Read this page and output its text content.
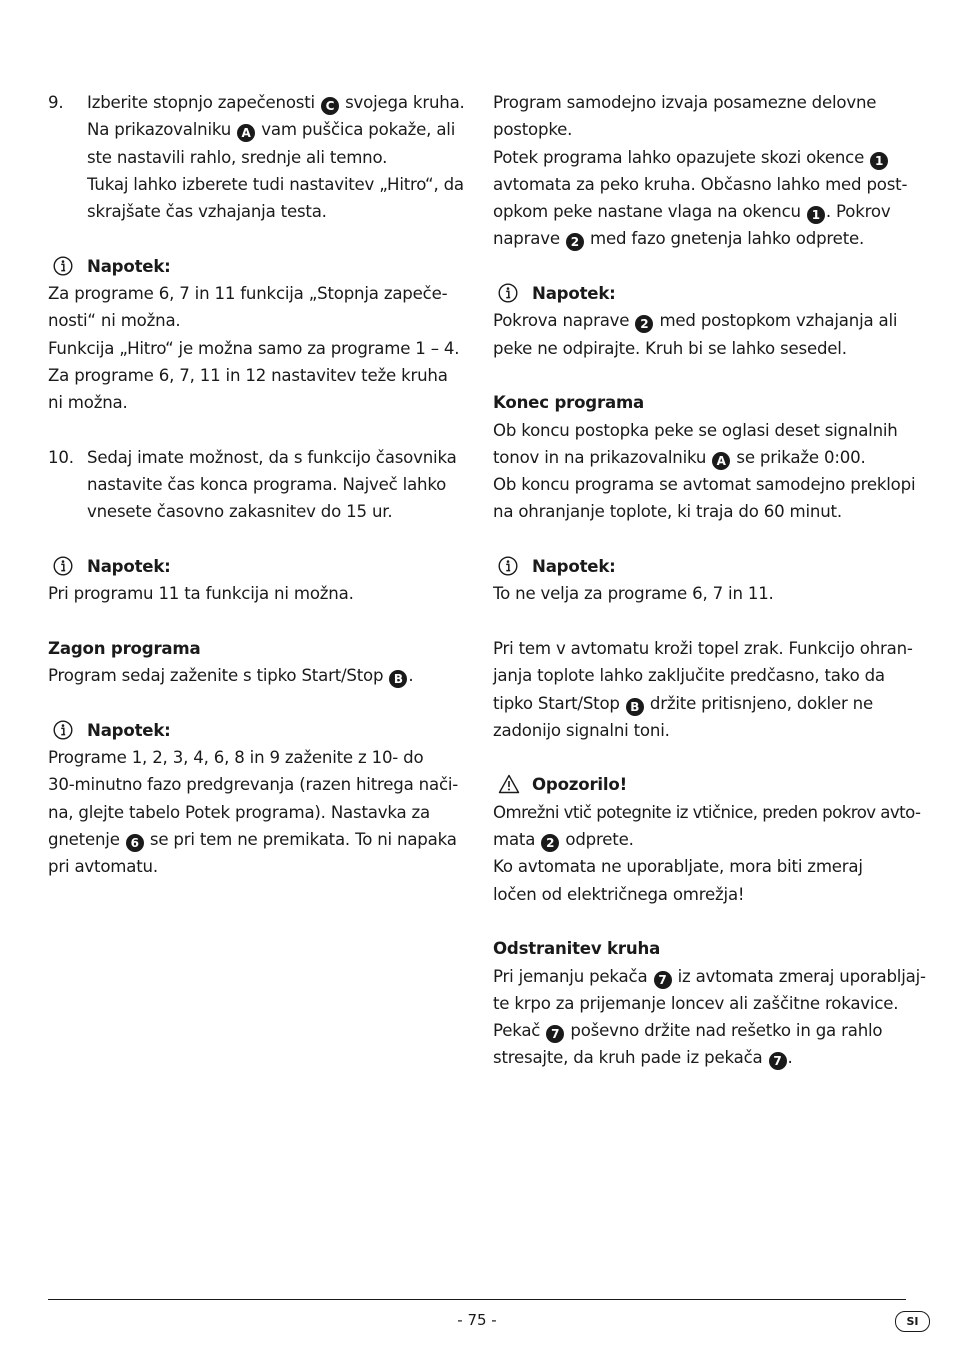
9. Izberite stopnjo zapečenosti C svojega kruha.
Na prikazovalniku A vam puščica pokaže, ali
ste nastavili rahlo, srednje ali temno.
Tukaj lahko izberete tudi nastavitev „Hitro“, da
skrajšate čas vzhajanja testa.
Napotek:
Za programe 6, 7 in 11 funkcija „Stopnja zapeče-
nosti“ ni možna.
Funkcija „Hitro“ je možna samo za programe 1 – 4.
Za programe 6, 7, 11 in 12 nastavitev teže kruha
ni možna.
10. Sedaj imate možnost, da s funkcijo časovnika
nastavite čas konca programa. Največ lahko
vnesete časovno zakasnitev do 15 ur.
Napotek:
Pri programu 11 ta funkcija ni možna.
Zagon programa
Program sedaj zaženite s tipko Start/Stop B .
Napotek:
Programe 1, 2, 3, 4, 6, 8 in 9 zaženite z 10- do
30-minutno fazo predgrevanja (razen hitrega nači-
na, glejte tabelo Potek programa). Nastavka za
gnetenje 6 se pri tem ne premikata. To ni napaka
pri avtomatu.
Program samodejno izvaja posamezne delovne
postopke.
Potek programa lahko opazujete skozi okence 1
avtomata za peko kruha. Občasno lahko med post-
opkom peke nastane vlaga na okencu 1 . Pokrov
naprave 2 med fazo gnetenja lahko odprete.
Napotek:
Pokrova naprave 2 med postopkom vzhajanja ali
peke ne odpirajte. Kruh bi se lahko sesedel.
Konec programa
Ob koncu postopka peke se oglasi deset signalnih
tonov in na prikazovalniku A se prikaže 0:00.
Ob koncu programa se avtomat samodejno preklopi
na ohranjanje toplote, ki traja do 60 minut.
Napotek:
To ne velja za programe 6, 7 in 11.
Pri tem v avtomatu kroži topel zrak. Funkcijo ohran-
janja toplote lahko zaključite predčasno, tako da
tipko Start/Stop B držite pritisnjeno, dokler ne
zadonijo signalni toni.
Opozorilo!
Omrežni vtič potegnite iz vtičnice, preden pokrov avto-
mata 2 odprete.
Ko avtomata ne uporabljate, mora biti zmeraj
ločen od električnega omrežja!
Odstranitev kruha
Pri jemanju pekača 7 iz avtomata zmeraj uporabljaj-
te krpo za prijemanje loncev ali zaščitne rokavice.
Pekač 7 poševno držite nad rešetko in ga rahlo
stresajte, da kruh pade iz pekača 7 .
- 75 -	SI
